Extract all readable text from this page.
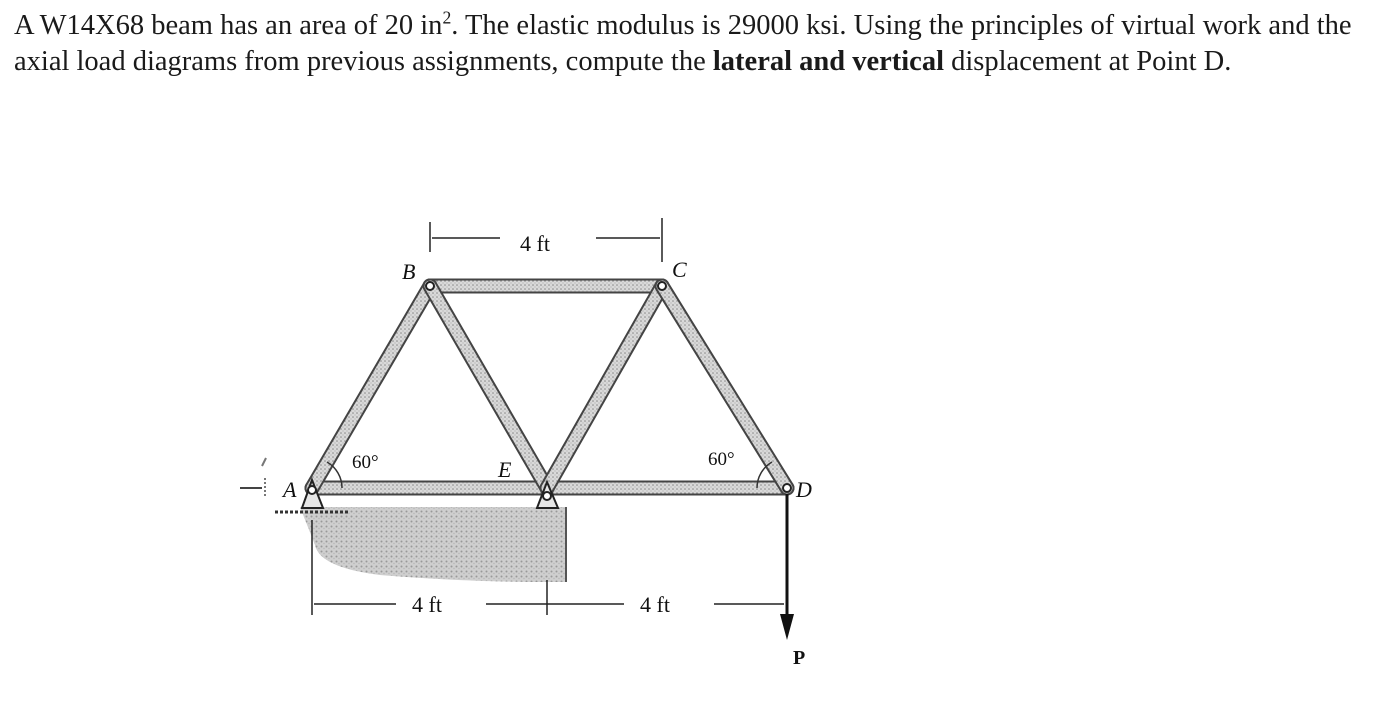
A W14X68 beam has an area of 20 $in^2$. The elastic modulus is 29000 ksi. Using the principles of virtual work and the axial load diagrams from previous assignments, compute the lateral and vertical displacement at Point D.
A
B	C
D
E
4 ft
4 ft	4 ft
60°	60°
P
